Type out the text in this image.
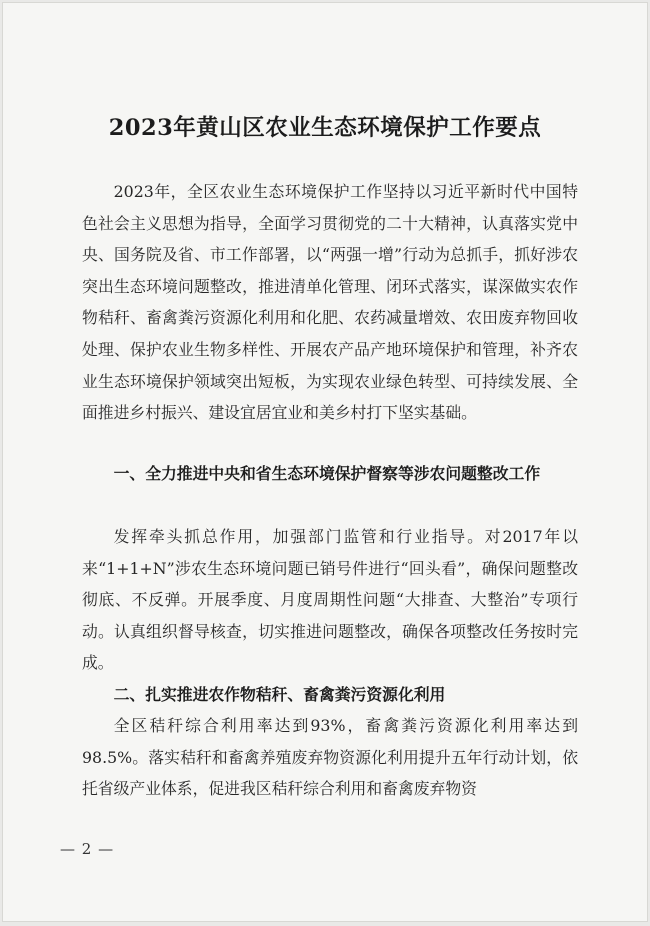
2023年黄山区农业生态环境保护工作要点

2023年，全区农业生态环境保护工作坚持以习近平新时代中国特色社会主义思想为指导，全面学习贯彻党的二十大精神，认真落实党中央、国务院及省、市工作部署，以“两强一增”行动为总抓手，抓好涉农突出生态环境问题整改，推进清单化管理、闭环式落实，谋深做实农作物秸秆、畜禽粪污资源化利用和化肥、农药减量增效、农田废弃物回收处理、保护农业生物多样性、开展农产品产地环境保护和管理，补齐农业生态环境保护领域突出短板，为实现农业绿色转型、可持续发展、全面推进乡村振兴、建设宜居宜业和美乡村打下坚实基础。

一、全力推进中央和省生态环境保护督察等涉农问题整改工作

发挥牵头抓总作用，加强部门监管和行业指导。对2017年以来“1+1+N”涉农生态环境问题已销号件进行“回头看”，确保问题整改彻底、不反弹。开展季度、月度周期性问题“大排查、大整治”专项行动。认真组织督导核查，切实推进问题整改，确保各项整改任务按时完成。

二、扎实推进农作物秸秆、畜禽粪污资源化利用

全区秸秆综合利用率达到93%，畜禽粪污资源化利用率达到98.5%。落实秸秆和畜禽养殖废弃物资源化利用提升五年行动计划，依托省级产业体系，促进我区秸秆综合利用和畜禽废弃物资

— 2 —
